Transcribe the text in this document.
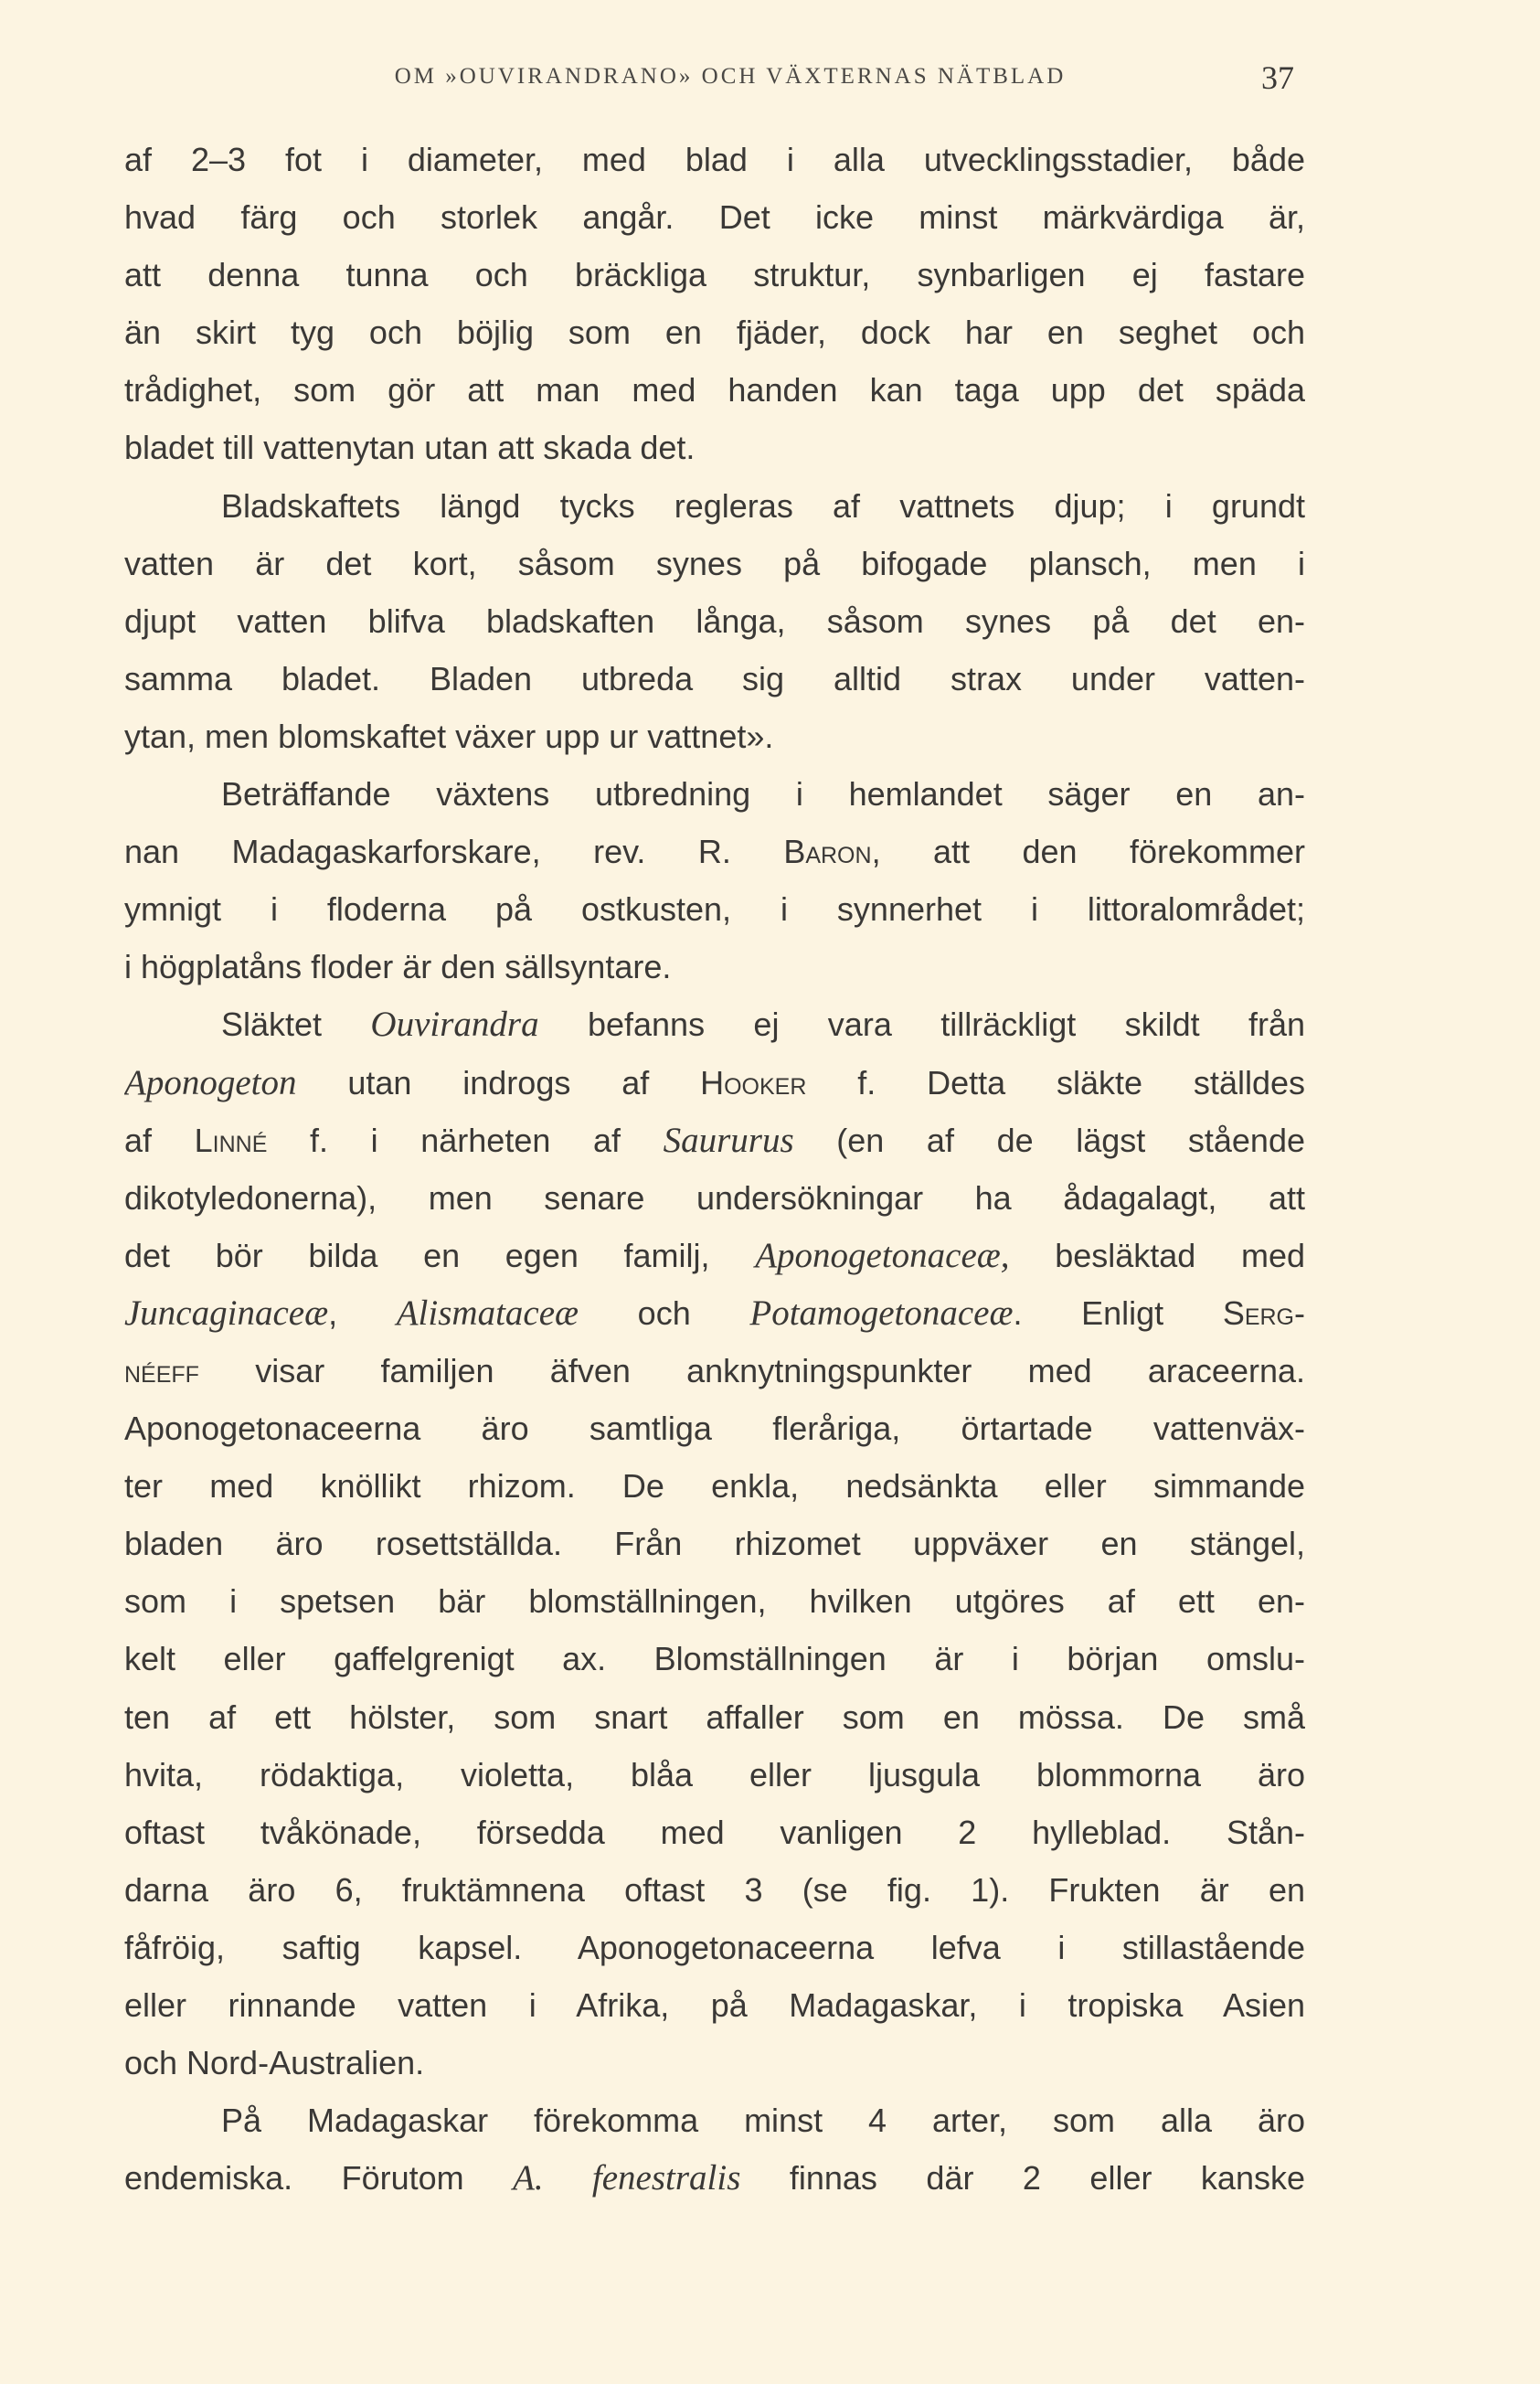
OM »OUVIRANDRANO» OCH VÄXTERNAS NÄTBLAD	37
af 2–3 fot i diameter, med blad i alla utvecklingsstadier, både
hvad färg och storlek angår. Det icke minst märkvärdiga är,
att denna tunna och bräckliga struktur, synbarligen ej fastare
än skirt tyg och böjlig som en fjäder, dock har en seghet och
trådighet, som gör att man med handen kan taga upp det späda
bladet till vattenytan utan att skada det.
Bladskaftets längd tycks regleras af vattnets djup; i grundt
vatten är det kort, såsom synes på bifogade plansch, men i
djupt vatten blifva bladskaften långa, såsom synes på det en-
samma bladet. Bladen utbreda sig alltid strax under vatten-
ytan, men blomskaftet växer upp ur vattnet».
Beträffande växtens utbredning i hemlandet säger en an-
nan Madagaskarforskare, rev. R. Baron, att den förekommer
ymnigt i floderna på ostkusten, i synnerhet i littoralområdet;
i högplatåns floder är den sällsyntare.
Släktet Ouvirandra befanns ej vara tillräckligt skildt från
Aponogeton utan indrogs af Hooker f. Detta släkte ställdes
af Linné f. i närheten af Saururus (en af de lägst stående
dikotyledonerna), men senare undersökningar ha ådagalagt, att
det bör bilda en egen familj, Aponogetonaceæ, besläktad med
Juncaginaceæ, Alismataceæ och Potamogetonaceæ. Enligt Serg-
néeff visar familjen äfven anknytningspunkter med araceerna.
Aponogetonaceerna äro samtliga fleråriga, örtartade vattenväx-
ter med knöllikt rhizom. De enkla, nedsänkta eller simmande
bladen äro rosettställda. Från rhizomet uppväxer en stängel,
som i spetsen bär blomställningen, hvilken utgöres af ett en-
kelt eller gaffelgrenigt ax. Blomställningen är i början omslu-
ten af ett hölster, som snart affaller som en mössa. De små
hvita, rödaktiga, violetta, blåa eller ljusgula blommorna äro
oftast tvåkönade, försedda med vanligen 2 hylleblad. Stån-
darna äro 6, fruktämnena oftast 3 (se fig. 1). Frukten är en
fåfröig, saftig kapsel. Aponogetonaceerna lefva i stillastående
eller rinnande vatten i Afrika, på Madagaskar, i tropiska Asien
och Nord-Australien.
På Madagaskar förekomma minst 4 arter, som alla äro
endemiska. Förutom A. fenestralis finnas där 2 eller kanske
